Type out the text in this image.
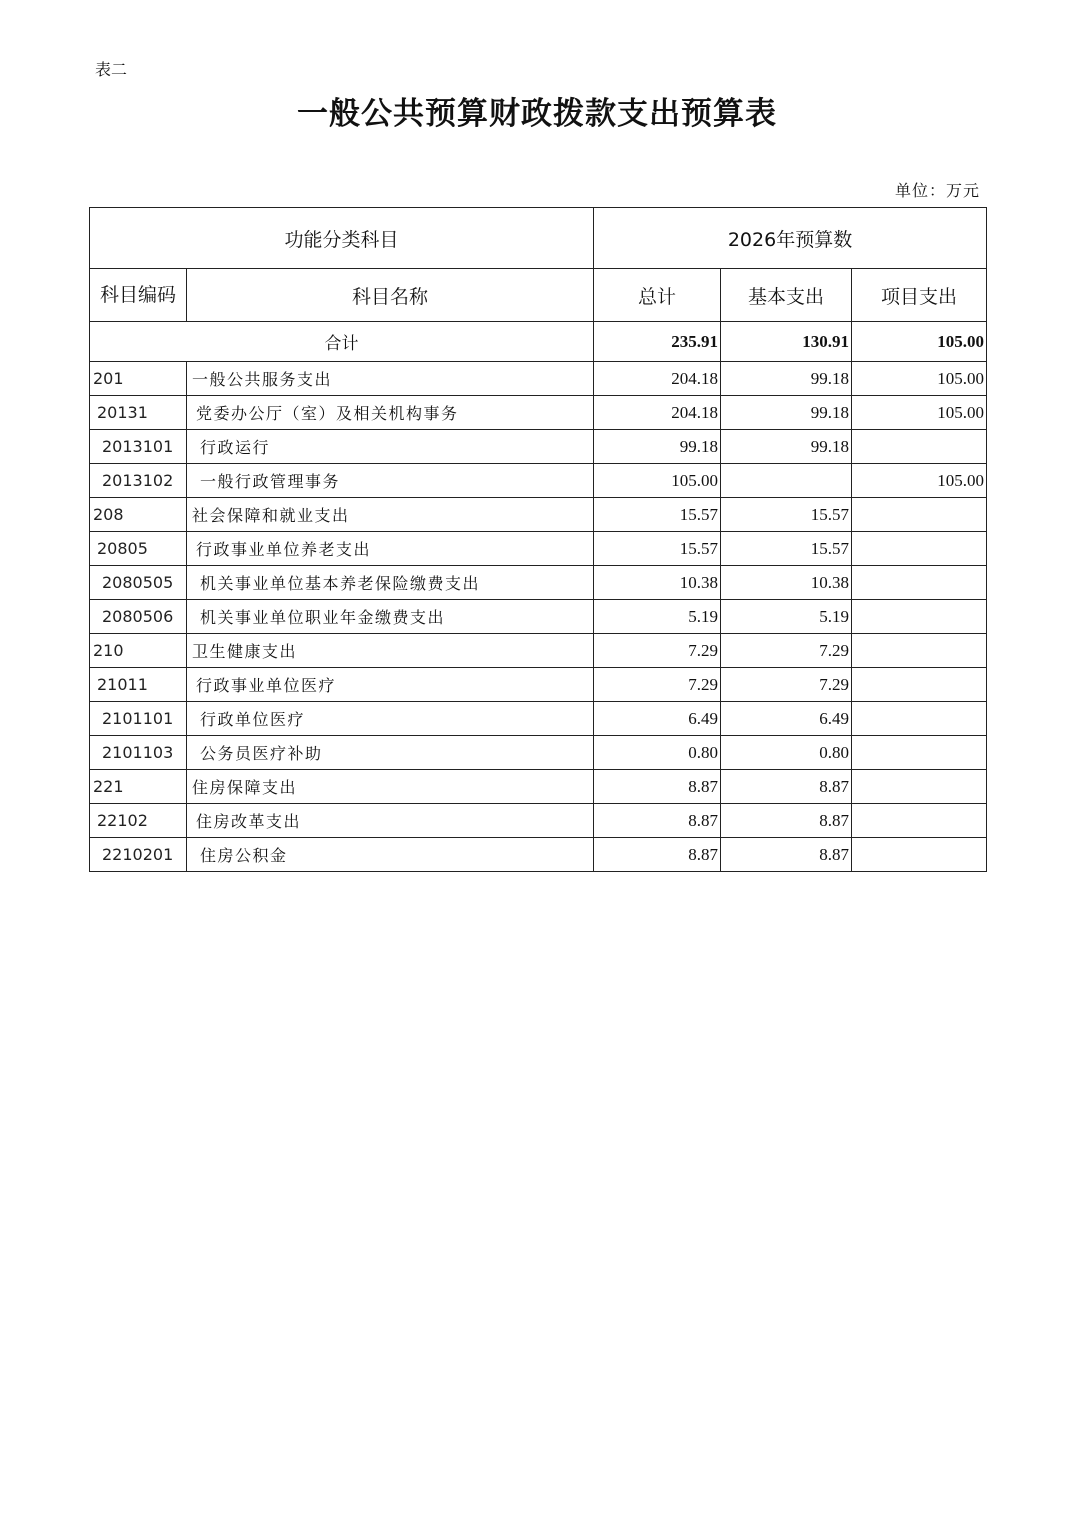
表二
一般公共预算财政拨款支出预算表
单位：万元
功能分类科目		2026年预算数		
科目编码	科目名称	总计	基本支出	项目支出
合计		235.91	130.91	105.00
201	一般公共服务支出	204.18	99.18	105.00
20131	党委办公厅（室）及相关机构事务	204.18	99.18	105.00
2013101	行政运行	99.18	99.18	
2013102	一般行政管理事务	105.00		105.00
208	社会保障和就业支出	15.57	15.57	
20805	行政事业单位养老支出	15.57	15.57	
2080505	机关事业单位基本养老保险缴费支出	10.38	10.38	
2080506	机关事业单位职业年金缴费支出	5.19	5.19	
210	卫生健康支出	7.29	7.29	
21011	行政事业单位医疗	7.29	7.29	
2101101	行政单位医疗	6.49	6.49	
2101103	公务员医疗补助	0.80	0.80	
221	住房保障支出	8.87	8.87	
22102	住房改革支出	8.87	8.87	
2210201	住房公积金	8.87	8.87	
